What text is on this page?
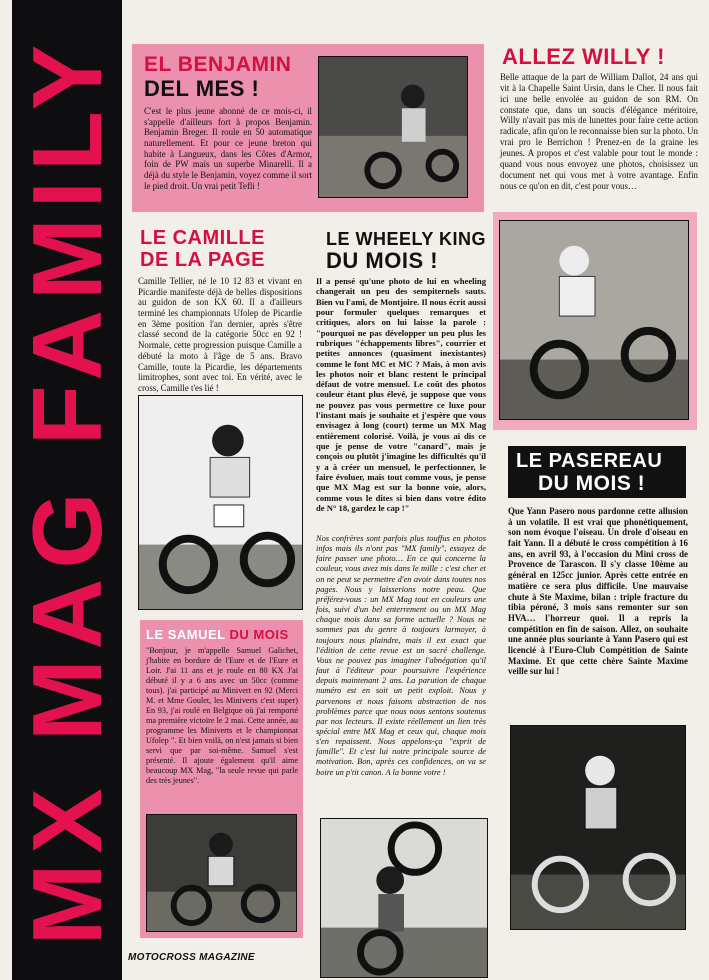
MX MAG FAMILY EL BENJAMIN
DEL MES !
C'est le plus jeune abonné de ce mois-ci, il s'appelle d'ailleurs fort à propos Benjamin. Benjamin Breger. Il roule en 50 automatique naturellement. Et pour ce jeune breton qui habite à Langueux, dans les Côtes d'Armor, foin de PW mais un superbe Minarelli. Il a déjà du style le Benjamin, voyez comme il sort le pied droit. Un vrai petit Tefli !
ALLEZ WILLY !
Belle attaque de la part de William Dallot, 24 ans qui vit à la Chapelle Saint Ursin, dans le Cher. Il nous fait ici une belle envolée au guidon de son RM. On constate que, dans un soucis d'élégance méritoire, Willy n'avait pas mis de lunettes pour faire cette action radicale, afin qu'on le reconnaisse bien sur la photo. Un vrai pro le Berrichon ! Prenez-en de la graine les jeunes. A propos et c'est valable pour tout le monde : quand vous nous envoyez une photos, choisissez un document net qui vous met à votre avantage. Enfin nous ce qu'on en dit, c'est pour vous…
LE CAMILLE
DE LA PAGE
Camille Tellier, né le 10 12 83 et vivant en Picardie manifeste déjà de belles dispositions au guidon de son KX 60. Il a d'ailleurs terminé les championnats Ufolep de Picardie en 3ème position l'an dernier, après s'être classé second de la catégorie 50cc en 92 ! Normale, cette progression puisque Camille a débuté la moto à l'âge de 5 ans. Bravo Camille, toute la Picardie, les départements limitrophes, sont avec toi. En vérité, avec le cross, Camille t'es lié !
LE WHEELY KING
DU MOIS !
Il a pensé qu'une photo de lui en wheeling changerait un peu des sempiternels sauts. Bien vu l'ami, de Montjoire. Il nous écrit aussi pour formuler quelques remarques et critiques, alors on lui laisse la parole : "pourquoi ne pas développer un peu plus les rubriques "échappements libres", courrier et petites annonces (quasiment inexistantes) comme le font MC et MC ? Mais, à mon avis les photos noir et blanc restent le principal défaut de votre mensuel. Le coût des photos couleur étant plus élevé, je suppose que vous ne pouvez pas vous permettre ce luxe pour l'instant mais je souhaite et j'espère que vous envisagez à long (court) terme un MX Mag entièrement colorisé. Voilà, je vous ai dis ce que je pense de votre "canard", mais je conçois ou plutôt j'imagine les difficultés qu'il y a à créer un mensuel, le perfectionner, le faire évoluer, mais tout comme vous, je pense que MX Mag est sur la bonne voie, alors, comme vous le dites si bien dans votre édito de N° 18, gardez le cap !"
Nos confrères sont parfois plus touffus en photos infos mais ils n'ont pas "MX family", essayez de faire passer une photo… En ce qui concerne la couleur, vous avez mis dans le mille : c'est cher et on ne peut se permettre d'en avoir dans toutes nos pages. Nous y laisserions notre peau. Que préférez-vous : un MX Mag tout en couleurs une fois, suivi d'un bel enterrement ou un MX Mag chaque mois dans sa forme actuelle ? Nous ne sommes pas du genre à toujours larmoyer, à toujours nous plaindre, mais il est exact que l'édition de cette revue est un sacré challenge. Vous ne pouvez pas imaginer l'abnégation qu'il faut à l'éditeur pour poursuivre l'expérience depuis maintenant 2 ans. La parution de chaque numéro est en soit un petit exploit. Nous y parvenons et nous faisons abstraction de nos problèmes parce que nous nous sentons soutenus par nos lecteurs. Il existe réellement un lien très spécial entre MX Mag et ceux qui, chaque mois s'en repaissent. Nous appelons-ça "esprit de famille". Et c'est lui notre principale source de motivation. Bon, après ces confidences, on va se boire un p'tit canon. A la bonne votre !
LE PASEREAU
DU MOIS !
Que Yann Pasero nous pardonne cette allusion à un volatile. Il est vrai que phonétiquement, son nom évoque l'oiseau. Un drole d'oiseau en fait Yann. Il a débuté le cross compétition à 16 ans, en avril 93, à l'occasion du Mini cross de Provence de Tarascon. Il s'y classe 10ème au général en 125cc junior. Après cette entrée en matière ce sera plus difficile. Une mauvaise chute à Ste Maxime, bilan : triple fracture du tibia péroné, 3 mois sans remonter sur son HVA… l'horreur quoi. Il a repris la compétition en fin de saison. Allez, on souhaite une année plus souriante à Yann Pasero qui est licencié à l'Euro-Club Compétition de Sainte Maxime. Et que cette chère Sainte Maxime veille sur lui !
LE SAMUEL DU MOIS
"Bonjour, je m'appelle Samuel Galichet, j'habite en bordure de l'Eure et de l'Eure et Loir. J'ai 11 ans et je roule en 80 KX J'ai débuté il y a 6 ans avec un 50cc (comme tous). j'ai participé au Minivert en 92 (Merci M. et Mme Goulet, les Miniverts c'est super) En 93, j'ai roulé en Belgique où j'ai remporté ma première victoire le 2 mai. Cette année, au programme les Miniverts et le championnat Ufolep ". Et bien voilà, on n'est jamais si bien servi que par soi-même. Samuel s'est présenté. Il ajoute également qu'il aime beaucoup MX Mag, "la seule revue qui parle des très jeunes".
MOTOCROSS MAGAZINE
